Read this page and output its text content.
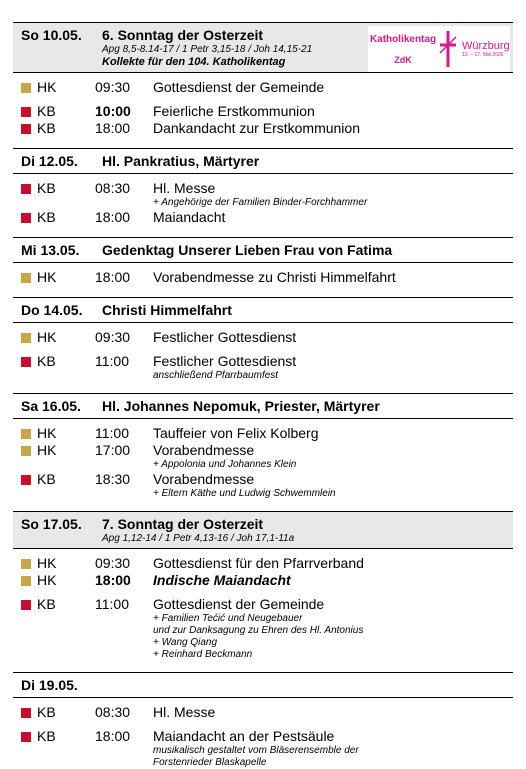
So 10.05.	6. Sonntag der Osterzeit
Apg 8,5-8.14-17 / 1 Petr 3,15-18 / Joh 14,15-21
Kollekte für den 104. Katholikentag
Katholikentag
ZdK
Würzburg
13. – 17. Mai 2026
HK	09:30	Gottesdienst der Gemeinde
KB	10:00	Feierliche Erstkommunion
KB	18:00	Dankandacht zur Erstkommunion
Di 12.05.	Hl. Pankratius, Märtyrer
KB	08:30	Hl. Messe
+ Angehörige der Familien Binder-Forchhammer
KB	18:00	Maiandacht
Mi 13.05.	Gedenktag Unserer Lieben Frau von Fatima
HK	18:00	Vorabendmesse zu Christi Himmelfahrt
Do 14.05.	Christi Himmelfahrt
HK	09:30	Festlicher Gottesdienst
KB	11:00	Festlicher Gottesdienst
anschließend Pfarrbaumfest
Sa 16.05.	Hl. Johannes Nepomuk, Priester, Märtyrer
HK	11:00	Tauffeier von Felix Kolberg
HK	17:00	Vorabendmesse
+ Appolonia und Johannes Klein
KB	18:30	Vorabendmesse
+ Eltern Käthe und Ludwig Schwemmlein
So 17.05.	7. Sonntag der Osterzeit
Apg 1,12-14 / 1 Petr 4,13-16 / Joh 17,1-11a
HK	09:30	Gottesdienst für den Pfarrverband
HK	18:00	Indische Maiandacht
KB	11:00	Gottesdienst der Gemeinde
+ Familien Tećić und Neugebauer
und zur Danksagung zu Ehren des Hl. Antonius
+ Wang Qiang
+ Reinhard Beckmann
Di 19.05.
KB	08:30	Hl. Messe
KB	18:00	Maiandacht an der Pestsäule
musikalisch gestaltet vom Bläserensemble der
Forstenrieder Blaskapelle
